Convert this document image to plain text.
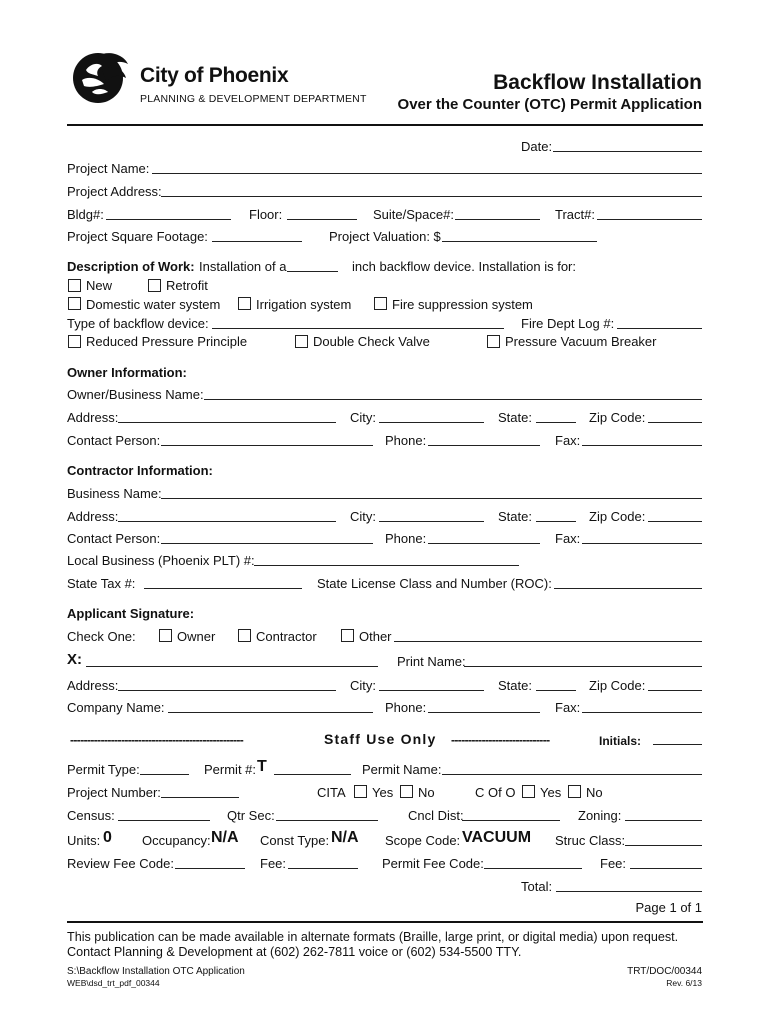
City of Phoenix
PLANNING & DEVELOPMENT DEPARTMENT
Backflow Installation
Over the Counter (OTC) Permit Application
Date:
Project Name:
Project Address:
Bldg#:	Floor:	Suite/Space#:	Tract#:
Project Square Footage:	Project Valuation: $
Description of Work: Installation of a	inch backflow device. Installation is for:
New	Retrofit
Domestic water system	Irrigation system	Fire suppression system
Type of backflow device:	Fire Dept Log #:
Reduced Pressure Principle	Double Check Valve	Pressure Vacuum Breaker
Owner Information:
Owner/Business Name:
Address:	City:	State:	Zip Code:
Contact Person:	Phone:	Fax:
Contractor Information:
Business Name:
Address:	City:	State:	Zip Code:
Contact Person:	Phone:	Fax:
Local Business (Phoenix PLT) #:
State Tax #:	State License Class and Number (ROC):
Applicant Signature:
Check One:	Owner	Contractor	Other
X:	Print Name:
Address:	City:	State:	Zip Code:
Company Name:	Phone:	Fax:
---------------------------------------------------	Staff Use Only -----------------------------	Initials:
Permit Type:	Permit #: T	Permit Name:
Project Number:	CITA Yes No	C Of O Yes No
Census:	Qtr Sec:	Cncl Dist:	Zoning:
Units: 0 Occupancy: N/A Const Type: N/A Scope Code: VACUUM Struc Class:
Review Fee Code:	Fee:	Permit Fee Code:	Fee:
Total:
Page 1 of 1
This publication can be made available in alternate formats (Braille, large print, or digital media) upon request.
Contact Planning & Development at (602) 262-7811 voice or (602) 534-5500 TTY.
S:\Backflow Installation OTC Application
WEB\dsd_trt_pdf_00344
TRT/DOC/00344
Rev. 6/13
